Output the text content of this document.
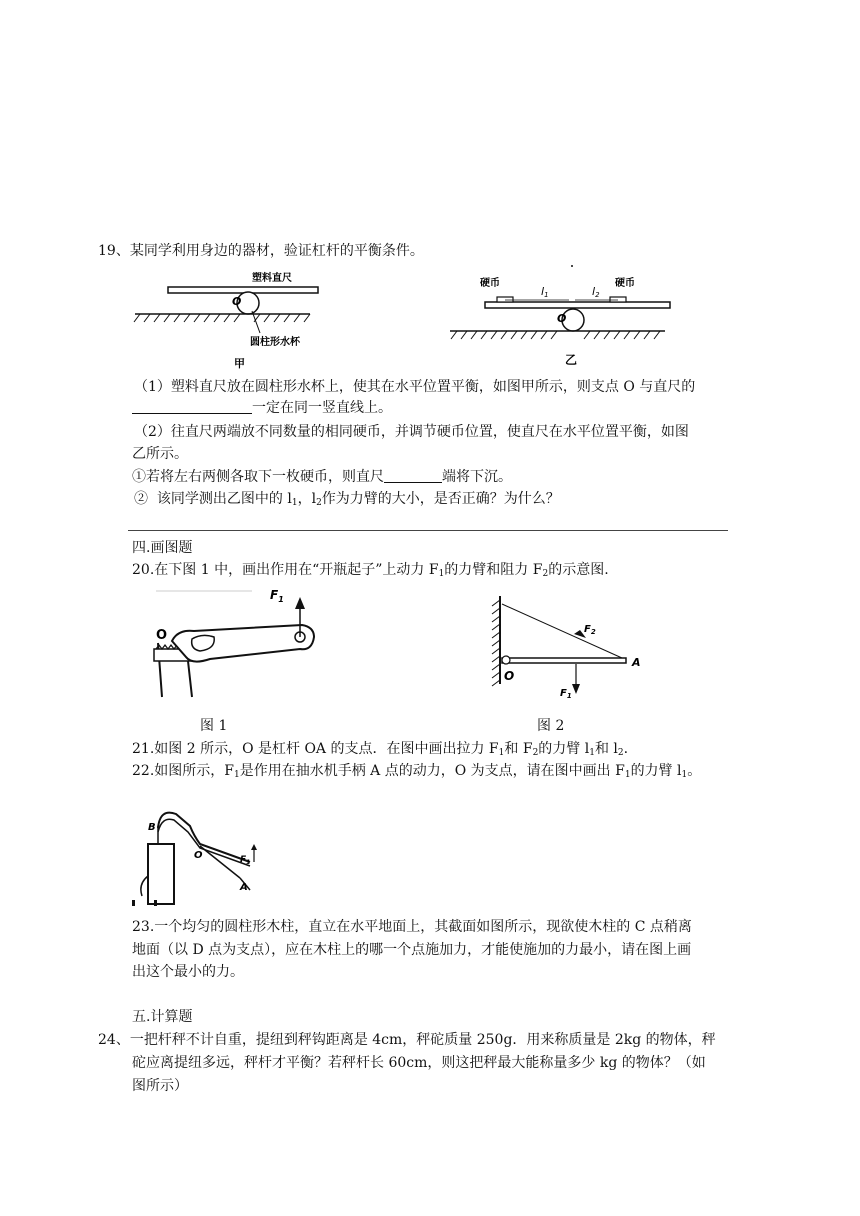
19、某同学利用身边的器材，验证杠杆的平衡条件。
塑料直尺
O
圆柱形水杯
甲
硬币	硬币
l1	l2
O
乙
（1）塑料直尺放在圆柱形水杯上，使其在水平位置平衡，如图甲所示，则支点 O 与直尺的
一定在同一竖直线上。
（2）往直尺两端放不同数量的相同硬币，并调节硬币位置，使直尺在水平位置平衡，如图
乙所示。
①若将左右两侧各取下一枚硬币，则直尺	端将下沉。
② 该同学测出乙图中的 $l_1$，$l_2$作为力臂的大小，是否正确？为什么？
四.画图题
20.在下图 1 中，画出作用在“开瓶起子”上动力 $F_1$的力臂和阻力 $F_2$的示意图.
$F_1$
O	$F_2$
$F_1$
A
O
图 1	图 2
21.如图 2 所示，O 是杠杆 OA 的支点．在图中画出拉力 $F_1$和 $F_2$的力臂 $l_1$和 $l_2$.
22.如图所示，$F_1$是作用在抽水机手柄 A 点的动力，O 为支点，请在图中画出 $F_1$的力臂 $l_1$。
B
O	$F_1$
A
23.一个均匀的圆柱形木柱，直立在水平地面上，其截面如图所示，现欲使木柱的 C 点稍离
地面（以 D 点为支点），应在木柱上的哪一个点施加力，才能使施加的力最小，请在图上画
出这个最小的力。
五.计算题
24、一把杆秤不计自重，提纽到秤钩距离是 4cm，秤砣质量 250g．用来称质量是 2kg 的物体，秤
砣应离提纽多远，秤杆才平衡？若秤杆长 60cm，则这把秤最大能称量多少 kg 的物体？（如
图所示）
